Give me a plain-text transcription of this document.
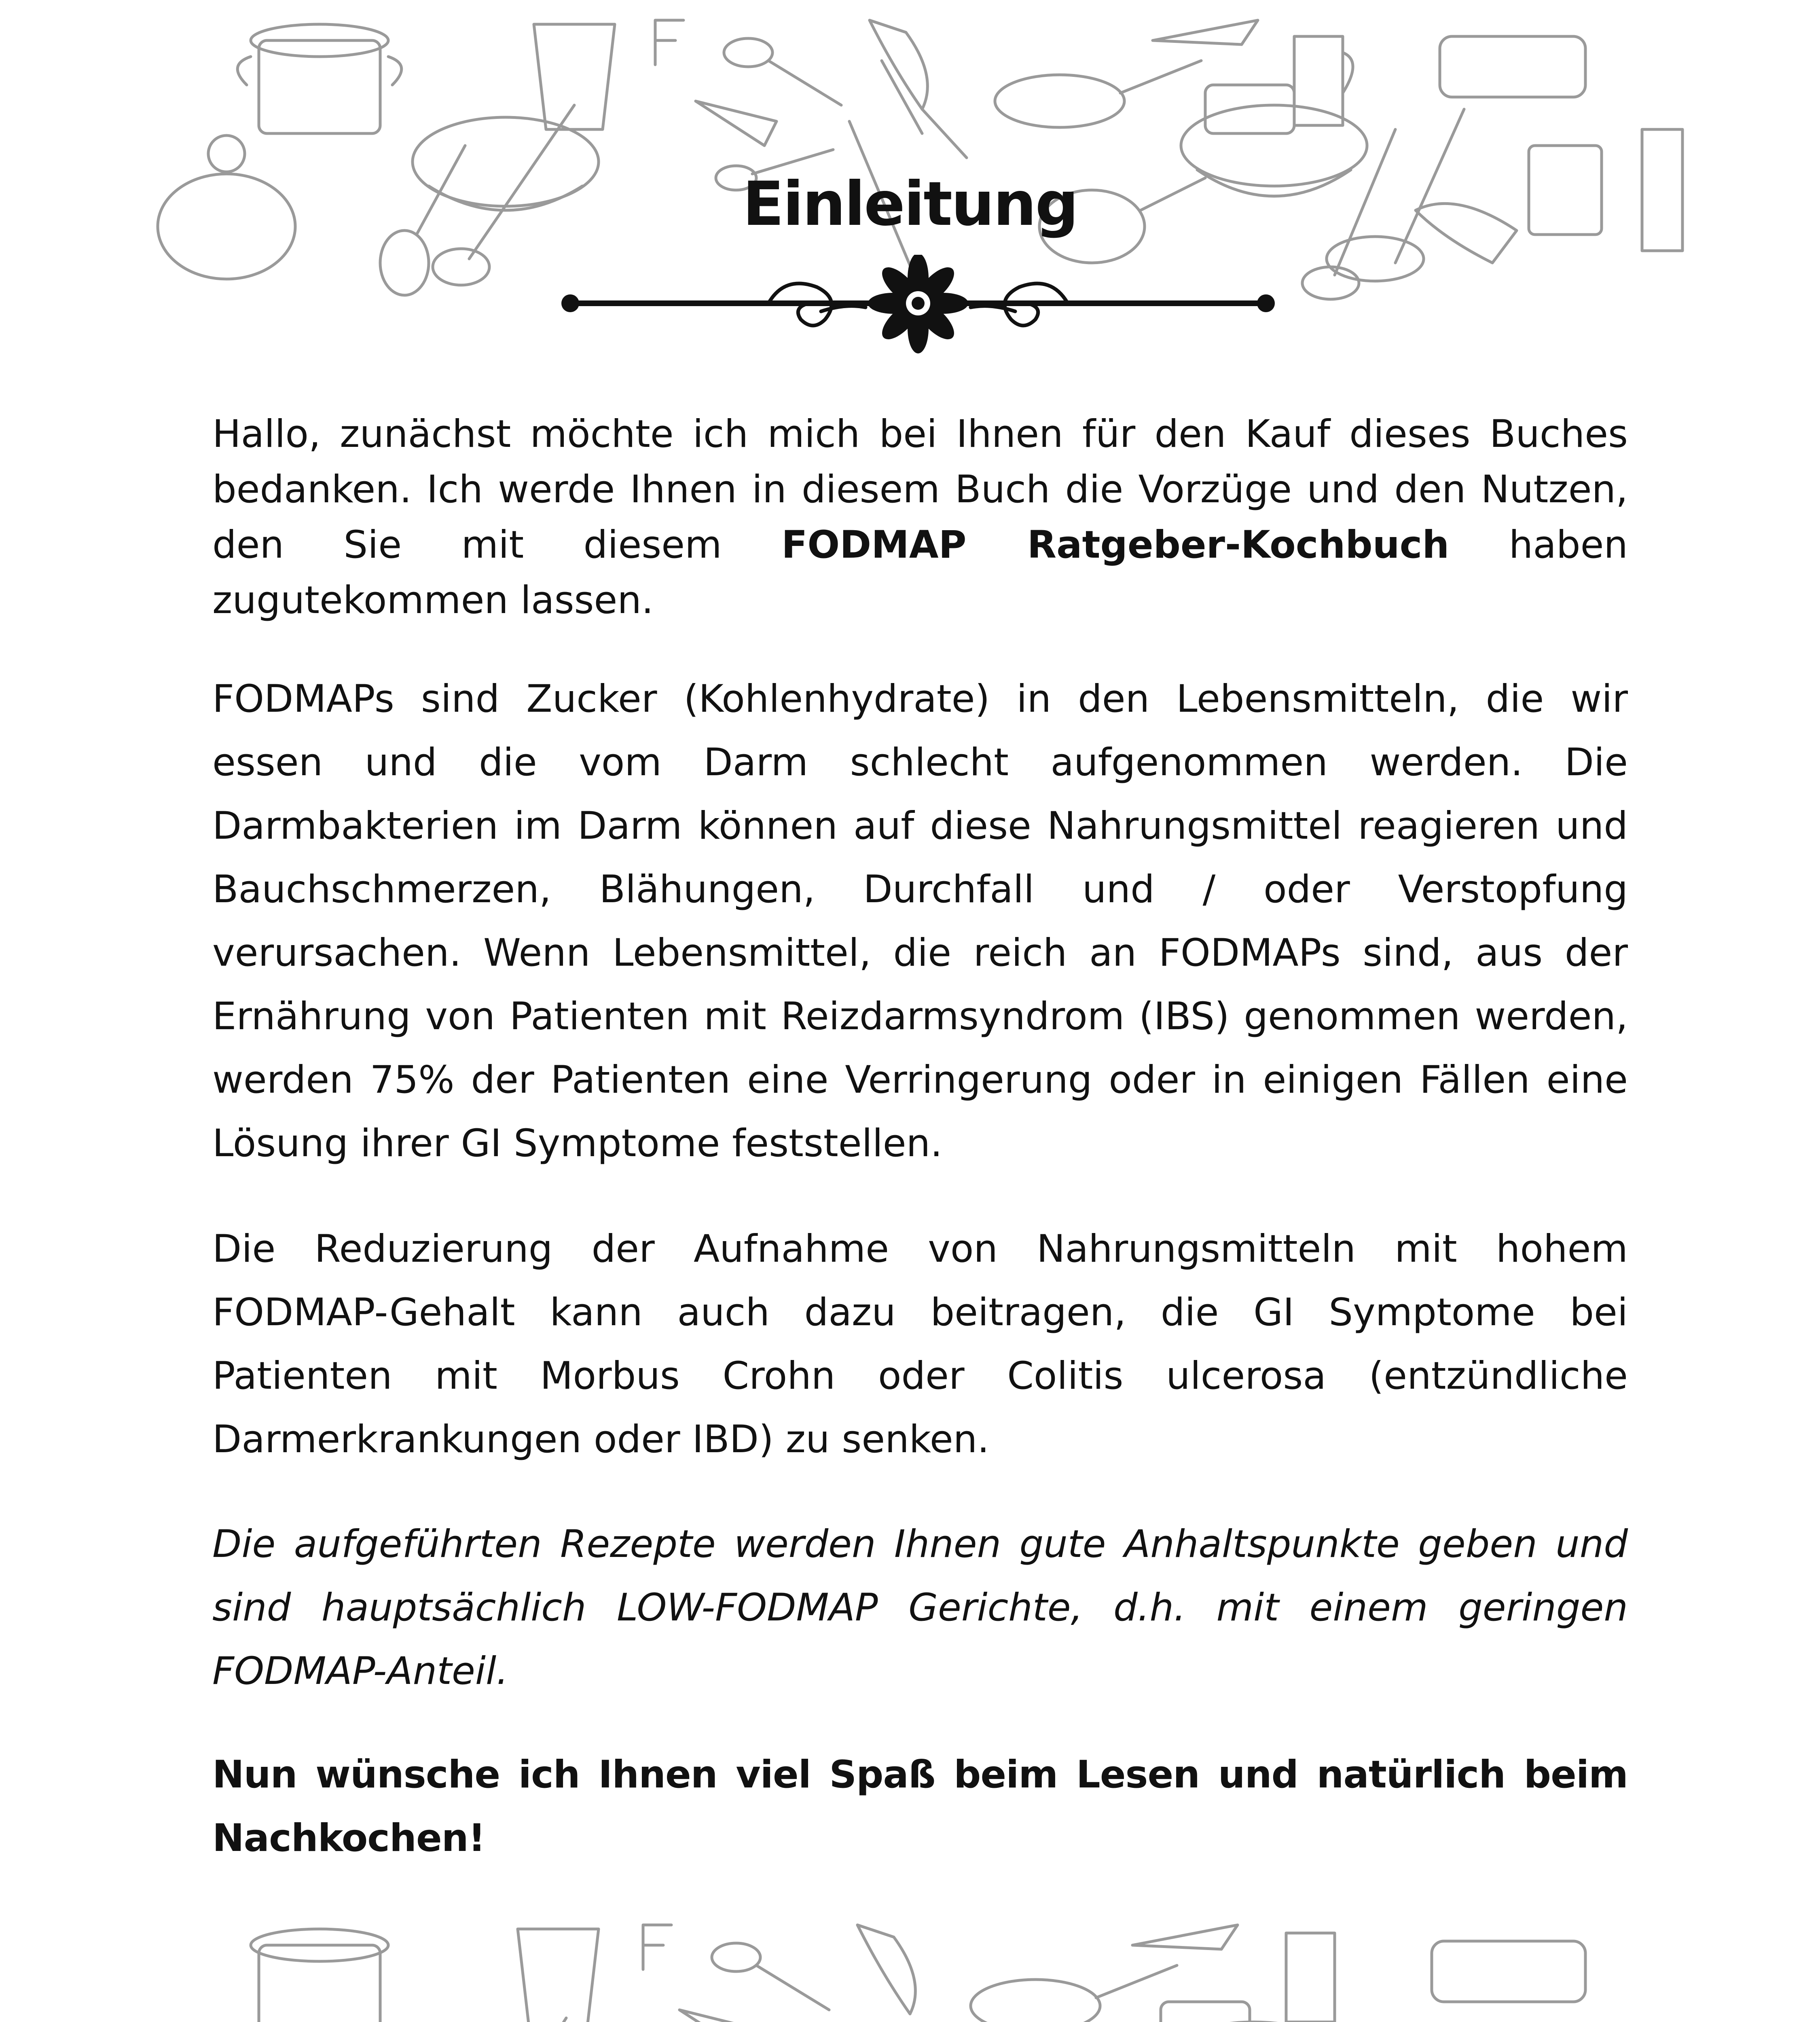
Einleitung

Hallo, zunächst möchte ich mich bei Ihnen für den Kauf dieses Buches bedanken. Ich werde Ihnen in diesem Buch die Vorzüge und den Nutzen, den Sie mit diesem FODMAP Ratgeber-Kochbuch haben zugutekommen lassen.

FODMAPs sind Zucker (Kohlenhydrate) in den Lebensmitteln, die wir essen und die vom Darm schlecht aufgenommen werden. Die Darmbakterien im Darm können auf diese Nahrungsmittel reagieren und Bauchschmerzen, Blähungen, Durchfall und / oder Verstopfung verursachen. Wenn Lebensmittel, die reich an FODMAPs sind, aus der Ernährung von Patienten mit Reizdarmsyndrom (IBS) genommen werden, werden 75% der Patienten eine Verringerung oder in einigen Fällen eine Lösung ihrer GI Symptome feststellen.

Die Reduzierung der Aufnahme von Nahrungsmitteln mit hohem FODMAP-Gehalt kann auch dazu beitragen, die GI Symptome bei Patienten mit Morbus Crohn oder Colitis ulcerosa (entzündliche Darmerkrankungen oder IBD) zu senken.

Die aufgeführten Rezepte werden Ihnen gute Anhaltspunkte geben und sind hauptsächlich LOW-FODMAP Gerichte, d.h. mit einem geringen FODMAP-Anteil.

Nun wünsche ich Ihnen viel Spaß beim Lesen und natürlich beim Nachkochen!
